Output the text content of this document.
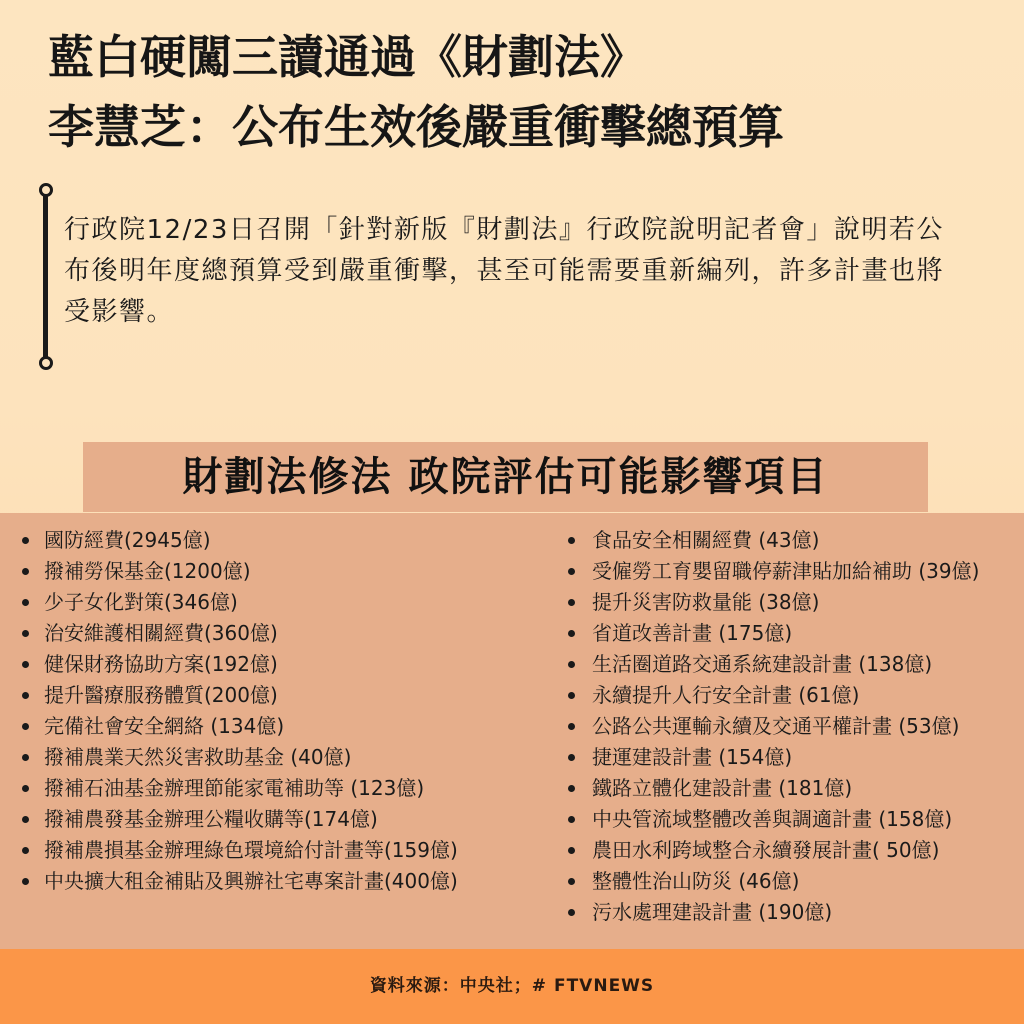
藍白硬闖三讀通過《財劃法》
李慧芝：公布生效後嚴重衝擊總預算

行政院12/23日召開「針對新版『財劃法』行政院說明記者會」說明若公布後明年度總預算受到嚴重衝擊，甚至可能需要重新編列，許多計畫也將受影響。

財劃法修法 政院評估可能影響項目
國防經費(2945億)
撥補勞保基金(1200億)
少子女化對策(346億)
治安維護相關經費(360億)
健保財務協助方案(192億)
提升醫療服務體質(200億)
完備社會安全網絡 (134億)
撥補農業天然災害救助基金 (40億)
撥補石油基金辦理節能家電補助等 (123億)
撥補農發基金辦理公糧收購等(174億)
撥補農損基金辦理綠色環境給付計畫等(159億)
中央擴大租金補貼及興辦社宅專案計畫(400億)
食品安全相關經費 (43億)
受僱勞工育嬰留職停薪津貼加給補助 (39億)
提升災害防救量能 (38億)
省道改善計畫 (175億)
生活圈道路交通系統建設計畫 (138億)
永續提升人行安全計畫 (61億)
公路公共運輸永續及交通平權計畫 (53億)
捷運建設計畫 (154億)
鐵路立體化建設計畫 (181億)
中央管流域整體改善與調適計畫 (158億)
農田水利跨域整合永續發展計畫( 50億)
整體性治山防災 (46億)
污水處理建設計畫 (190億)
資料來源：中央社；# FTVNEWS
